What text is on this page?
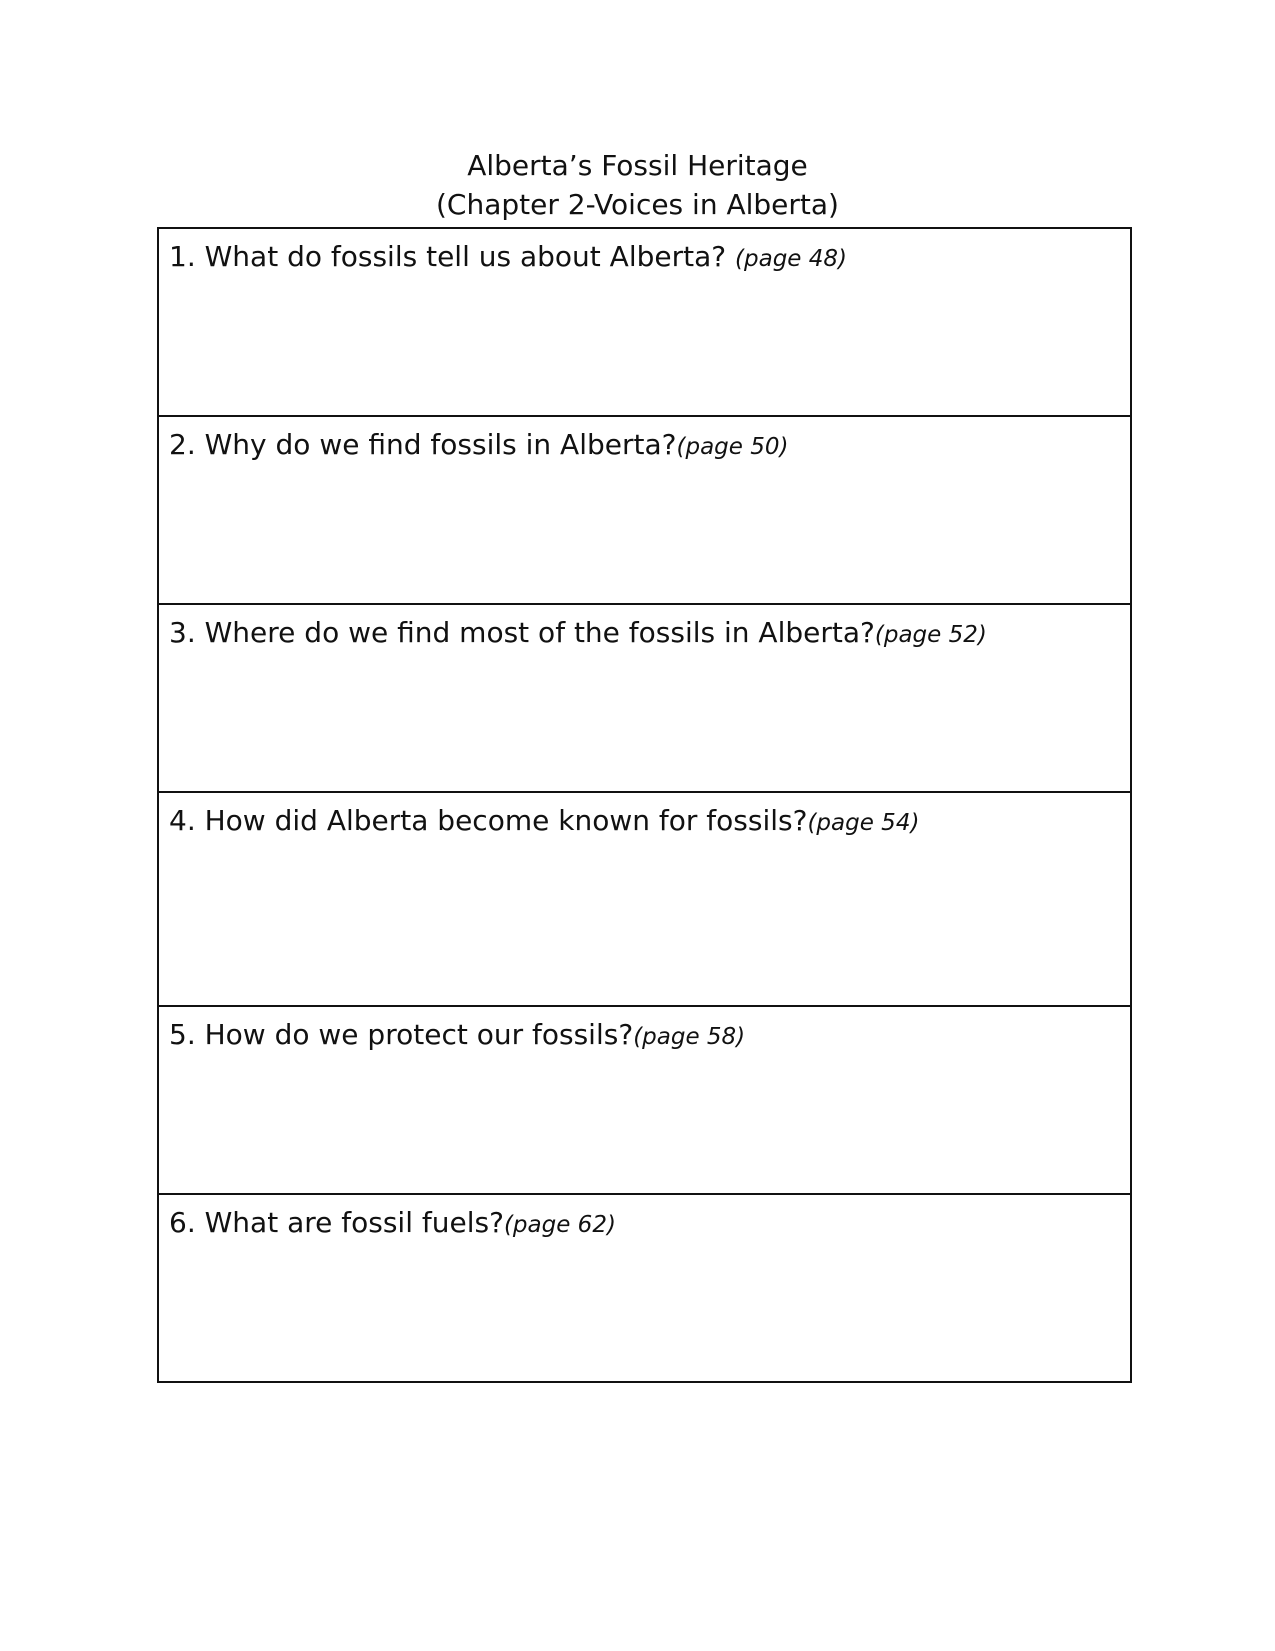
Alberta’s Fossil Heritage
(Chapter 2-Voices in Alberta)
1. What do fossils tell us about Alberta? (page 48)
2. Why do we find fossils in Alberta?(page 50)
3. Where do we find most of the fossils in Alberta?(page 52)
4. How did Alberta become known for fossils?(page 54)
5. How do we protect our fossils?(page 58)
6. What are fossil fuels?(page 62)
